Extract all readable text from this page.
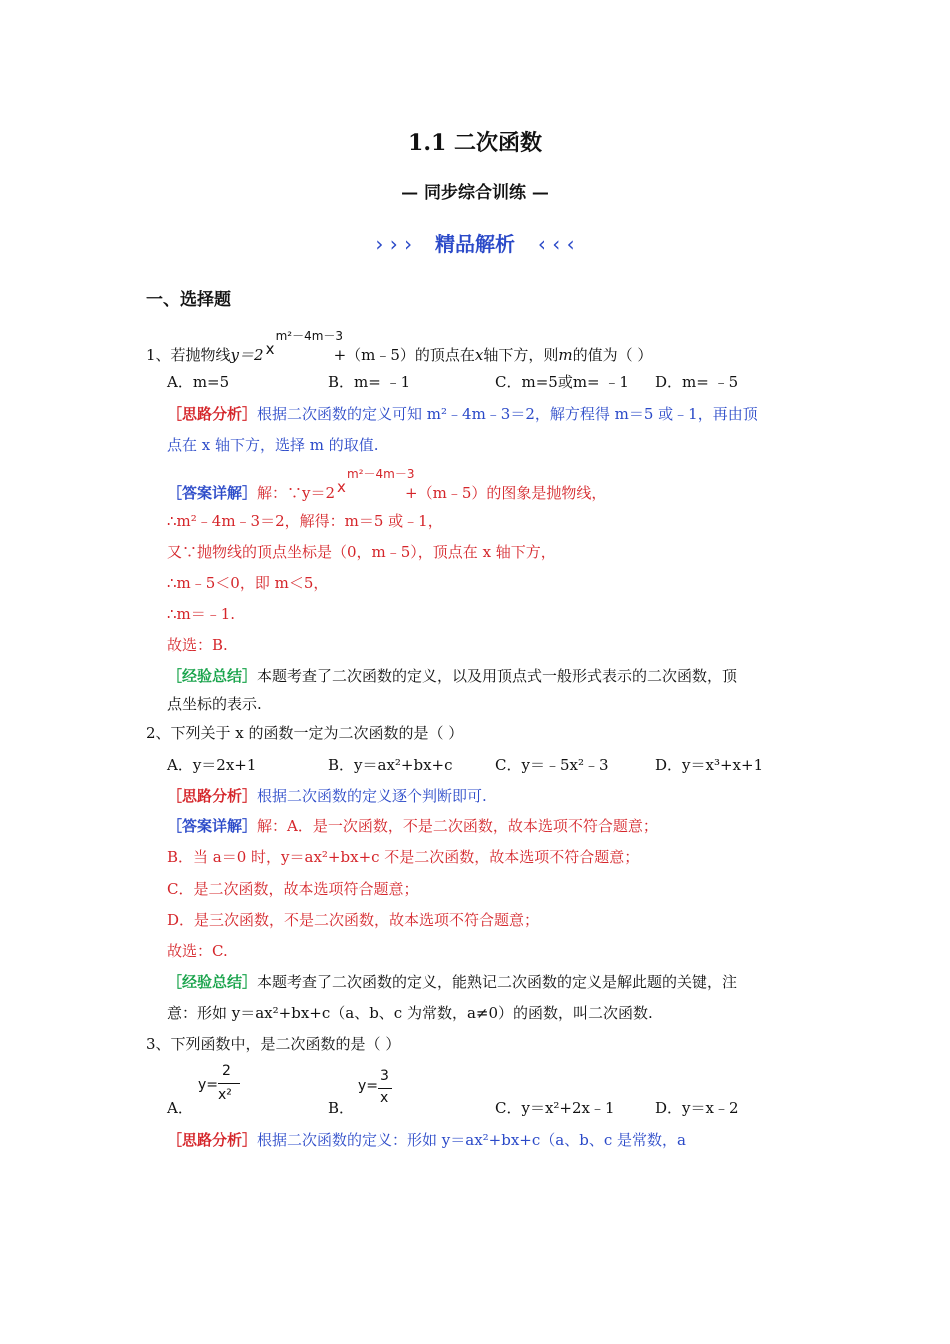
1.1 二次函数
— 同步综合训练 —
› › › 精品解析 ‹ ‹ ‹
一、选择题
1、若抛物线y＝2 x
m²－4m－3
+（m﹣5）的顶点在x轴下方，则m的值为（ ）
A．m=5	B．m= ﹣1	C．m=5或m= ﹣1 D．m= ﹣5
［思路分析］根据二次函数的定义可知 m²﹣4m﹣3＝2，解方程得 m＝5 或﹣1，再由顶
点在 x 轴下方，选择 m 的取值.
［答案详解］解：∵y＝2 x
m²－4m－3
+（m﹣5）的图象是抛物线，
∴m²﹣4m﹣3＝2，解得：m＝5 或﹣1，
又∵抛物线的顶点坐标是（0，m﹣5），顶点在 x 轴下方，
∴m﹣5＜0，即 m＜5，
∴m＝﹣1.
故选：B.
［经验总结］本题考查了二次函数的定义，以及用顶点式一般形式表示的二次函数，顶
点坐标的表示.
2、下列关于 x 的函数一定为二次函数的是（ ）
A．y＝2x+1	B．y＝ax²+bx+c	C．y＝﹣5x²﹣3	D．y＝x³+x+1
［思路分析］根据二次函数的定义逐个判断即可.
［答案详解］解：A．是一次函数，不是二次函数，故本选项不符合题意；
B．当 a＝0 时，y＝ax²+bx+c 不是二次函数，故本选项不符合题意；
C．是二次函数，故本选项符合题意；
D．是三次函数，不是二次函数，故本选项不符合题意；
故选：C.
［经验总结］本题考查了二次函数的定义，能熟记二次函数的定义是解此题的关键，注
意：形如 y＝ax²+bx+c（a、b、c 为常数，a≠0）的函数，叫二次函数.
3、下列函数中，是二次函数的是（ ）
A．
y=
2
x²
B．
y=
3
x
C．y＝x²+2x﹣1	D．y＝x﹣2
［思路分析］根据二次函数的定义：形如 y＝ax²+bx+c（a、b、c 是常数，a
